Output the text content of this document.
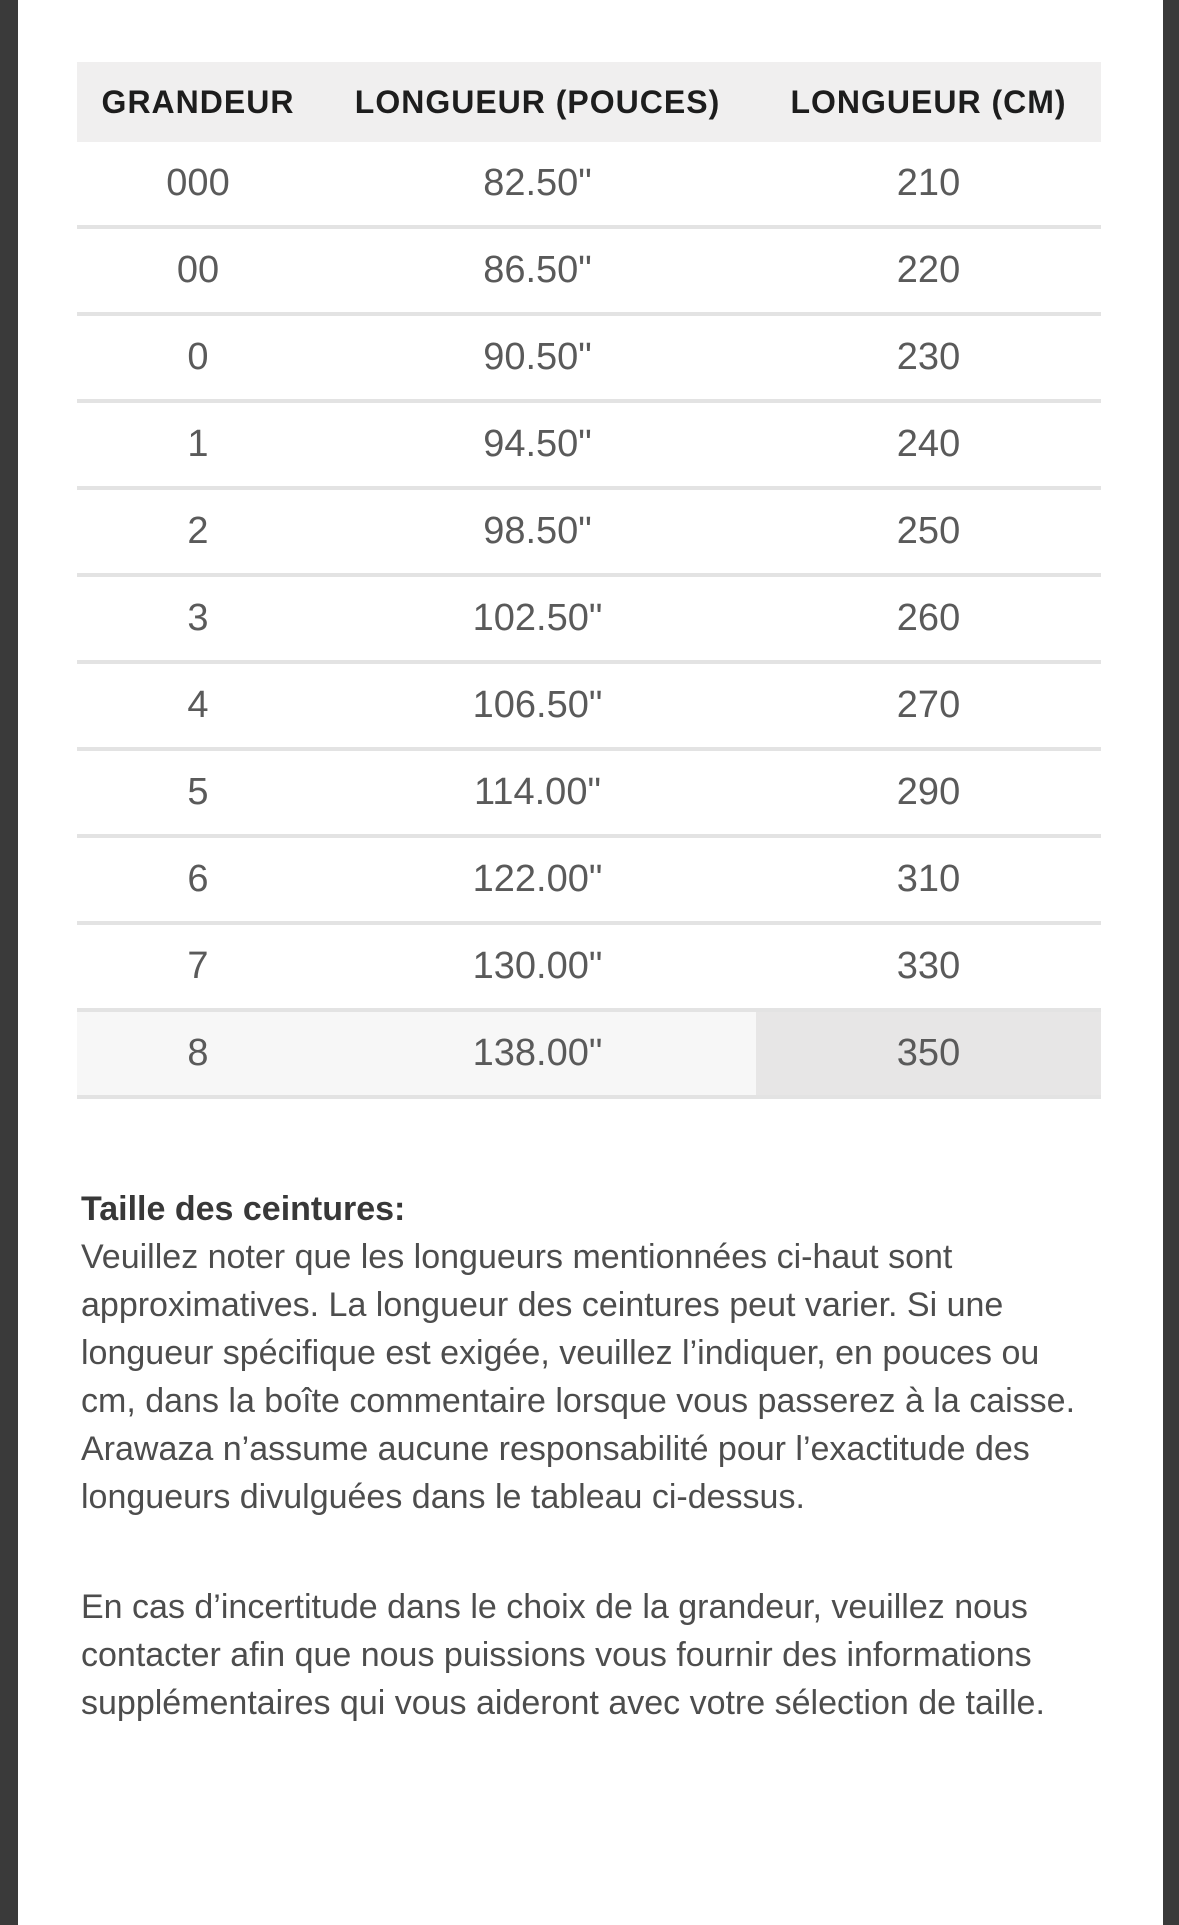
GRANDEUR	LONGUEUR (POUCES)	LONGUEUR (CM)
000	82.50"	210
00	86.50"	220
0	90.50"	230
1	94.50"	240
2	98.50"	250
3	102.50"	260
4	106.50"	270
5	114.00"	290
6	122.00"	310
7	130.00"	330
8	138.00"	350

Taille des ceintures:
Veuillez noter que les longueurs mentionnées ci-haut sont approximatives. La longueur des ceintures peut varier. Si une longueur spécifique est exigée, veuillez l’indiquer, en pouces ou cm, dans la boîte commentaire lorsque vous passerez à la caisse. Arawaza n’assume aucune responsabilité pour l’exactitude des longueurs divulguées dans le tableau ci-dessus.

En cas d’incertitude dans le choix de la grandeur, veuillez nous contacter afin que nous puissions vous fournir des informations supplémentaires qui vous aideront avec votre sélection de taille.
